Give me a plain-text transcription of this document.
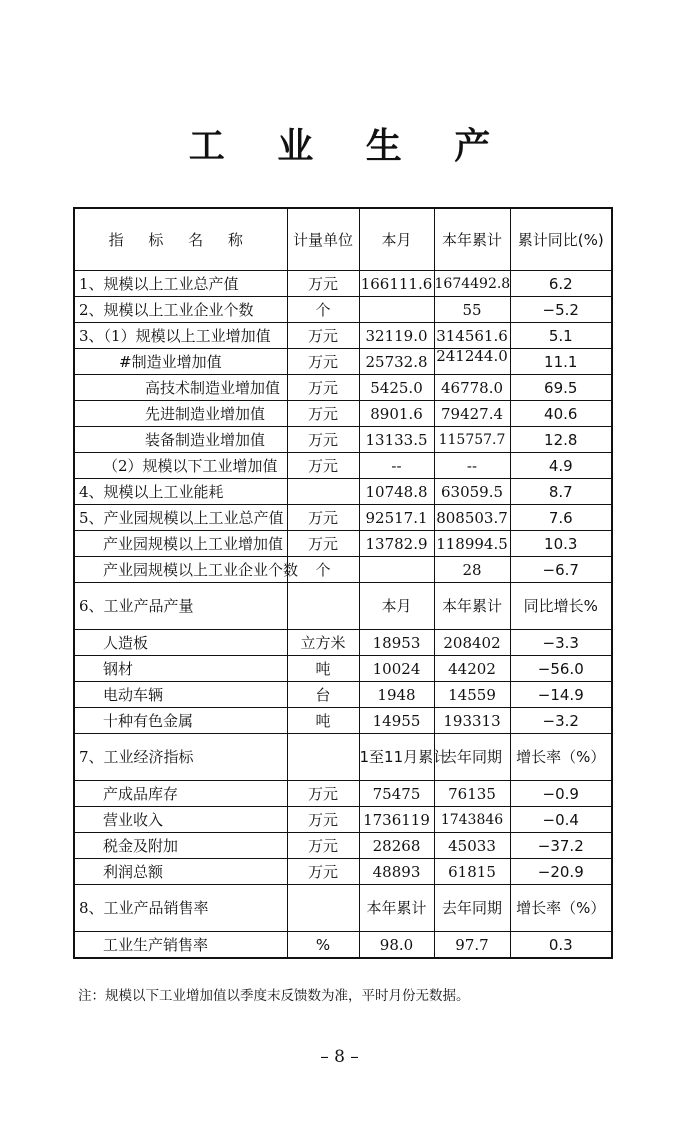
工 业 生 产
指 标 名 称	计量单位	本月	本年累计	累计同比(%)
1、规模以上工业总产值	万元	166111.6	1674492.8	6.2
2、规模以上工业企业个数	个		55	−5.2
3、（1）规模以上工业增加值	万元	32119.0	314561.6	5.1
#制造业增加值	万元	25732.8	241244.0	11.1
高技术制造业增加值	万元	5425.0	46778.0	69.5
先进制造业增加值	万元	8901.6	79427.4	40.6
装备制造业增加值	万元	13133.5	115757.7	12.8
（2）规模以下工业增加值	万元	--	--	4.9
4、规模以上工业能耗		10748.8	63059.5	8.7
5、产业园规模以上工业总产值	万元	92517.1	808503.7	7.6
产业园规模以上工业增加值	万元	13782.9	118994.5	10.3
产业园规模以上工业企业个数	个		28	−6.7
6、工业产品产量		本月	本年累计	同比增长%
人造板	立方米	18953	208402	−3.3
钢材	吨	10024	44202	−56.0
电动车辆	台	1948	14559	−14.9
十种有色金属	吨	14955	193313	−3.2
7、工业经济指标		1至11月累计	去年同期	增长率（%）
产成品库存	万元	75475	76135	−0.9
营业收入	万元	1736119	1743846	−0.4
税金及附加	万元	28268	45033	−37.2
利润总额	万元	48893	61815	−20.9
8、工业产品销售率		本年累计	去年同期	增长率（%）
工业生产销售率	%	98.0	97.7	0.3
注：规模以下工业增加值以季度末反馈数为准，平时月份无数据。
– 8 –
